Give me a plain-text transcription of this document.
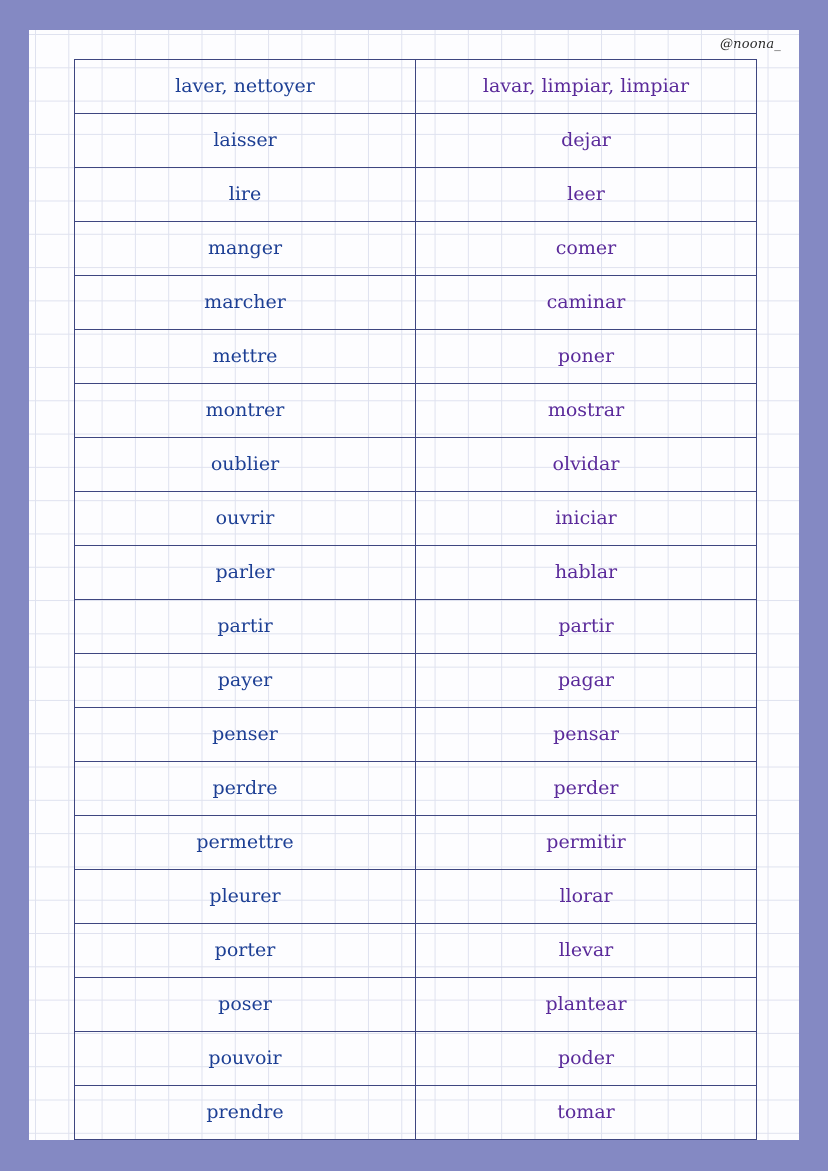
@noona_
laver, nettoyer	lavar, limpiar, limpiar
laisser	dejar
lire	leer
manger	comer
marcher	caminar
mettre	poner
montrer	mostrar
oublier	olvidar
ouvrir	iniciar
parler	hablar
partir	partir
payer	pagar
penser	pensar
perdre	perder
permettre	permitir
pleurer	llorar
porter	llevar
poser	plantear
pouvoir	poder
prendre	tomar
